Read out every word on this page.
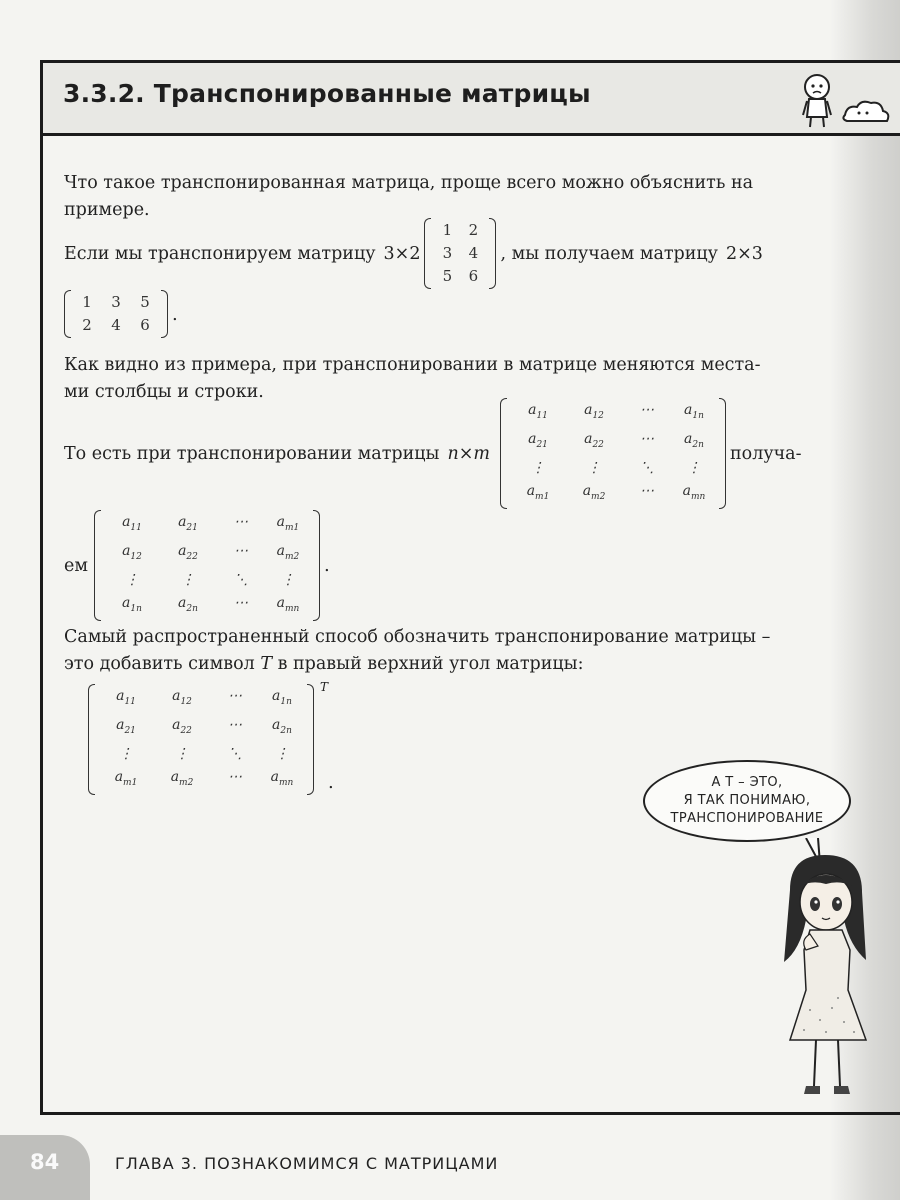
3.3.2. Транспонированные матрицы
Что такое транспонированная матрица, проще всего можно объяснить на
примере.
Если мы транспонируем матрицу 3×2
1	2
3	4
5	6
, мы получаем матрицу 2×3
1	3	5
2	4	6
.
Как видно из примера, при транспонировании в матрице меняются места-
ми столбцы и строки.
То есть при транспонировании матрицы n×m
$a_{11}$	$a_{12}$	⋯	$a_{1n}$
$a_{21}$	$a_{22}$	⋯	$a_{2n}$
⋮	⋮	⋱	⋮
$a_{m1}$	$a_{m2}$	⋯	$a_{mn}$
получа-
ем
$a_{11}$	$a_{21}$	⋯	$a_{m1}$
$a_{12}$	$a_{22}$	⋯	$a_{m2}$
⋮	⋮	⋱	⋮
$a_{1n}$	$a_{2n}$	⋯	$a_{mn}$
.
Самый распространенный способ обозначить транспонирование матрицы –
это добавить символ T в правый верхний угол матрицы:
$a_{11}$	$a_{12}$	⋯	$a_{1n}$
$a_{21}$	$a_{22}$	⋯	$a_{2n}$
⋮	⋮	⋱	⋮
$a_{m1}$	$a_{m2}$	⋯	$a_{mn}$
T
.	А T – ЭТО,
Я ТАК ПОНИМАЮ,
ТРАНСПОНИРОВАНИЕ

84	ГЛАВА 3. ПОЗНАКОМИМСЯ С МАТРИЦАМИ
